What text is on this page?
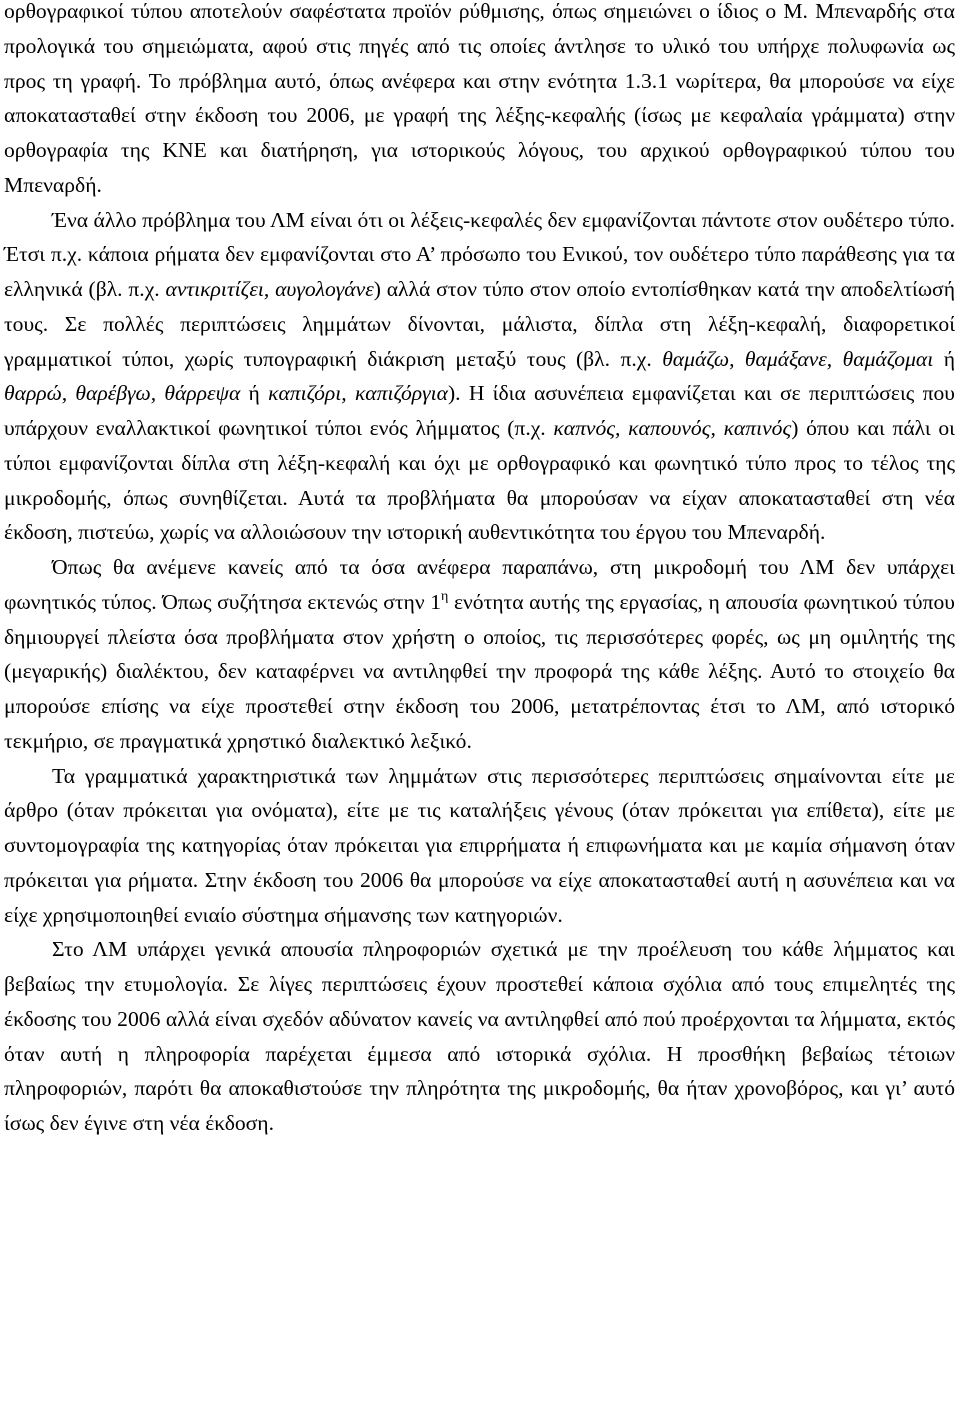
ορθογραφικοί τύπου αποτελούν σαφέστατα προϊόν ρύθμισης, όπως σημειώνει ο ίδιος ο Μ. Μπεναρδής στα προλογικά του σημειώματα, αφού στις πηγές από τις οποίες άντλησε το υλικό του υπήρχε πολυφωνία ως προς τη γραφή. Το πρόβλημα αυτό, όπως ανέφερα και στην ενότητα 1.3.1 νωρίτερα, θα μπορούσε να είχε αποκατασταθεί στην έκδοση του 2006, με γραφή της λέξης-κεφαλής (ίσως με κεφαλαία γράμματα) στην ορθογραφία της ΚΝΕ και διατήρηση, για ιστορικούς λόγους, του αρχικού ορθογραφικού τύπου του Μπεναρδή.

Ένα άλλο πρόβλημα του ΛΜ είναι ότι οι λέξεις-κεφαλές δεν εμφανίζονται πάντοτε στον ουδέτερο τύπο. Έτσι π.χ. κάποια ρήματα δεν εμφανίζονται στο Α’ πρόσωπο του Ενικού, τον ουδέτερο τύπο παράθεσης για τα ελληνικά (βλ. π.χ. αντικριτίζει, αυγολογάνε) αλλά στον τύπο στον οποίο εντοπίσθηκαν κατά την αποδελτίωσή τους. Σε πολλές περιπτώσεις λημμάτων δίνονται, μάλιστα, δίπλα στη λέξη-κεφαλή, διαφορετικοί γραμματικοί τύποι, χωρίς τυπογραφική διάκριση μεταξύ τους (βλ. π.χ. θαμάζω, θαμάξανε, θαμάζομαι ή θαρρώ, θαρέβγω, θάρρεψα ή καπιζόρι, καπιζόργια). Η ίδια ασυνέπεια εμφανίζεται και σε περιπτώσεις που υπάρχουν εναλλακτικοί φωνητικοί τύποι ενός λήμματος (π.χ. καπνός, καπουνός, καπινός) όπου και πάλι οι τύποι εμφανίζονται δίπλα στη λέξη-κεφαλή και όχι με ορθογραφικό και φωνητικό τύπο προς το τέλος της μικροδομής, όπως συνηθίζεται. Αυτά τα προβλήματα θα μπορούσαν να είχαν αποκατασταθεί στη νέα έκδοση, πιστεύω, χωρίς να αλλοιώσουν την ιστορική αυθεντικότητα του έργου του Μπεναρδή.

Όπως θα ανέμενε κανείς από τα όσα ανέφερα παραπάνω, στη μικροδομή του ΛΜ δεν υπάρχει φωνητικός τύπος. Όπως συζήτησα εκτενώς στην $1^\eta$ ενότητα αυτής της εργασίας, η απουσία φωνητικού τύπου δημιουργεί πλείστα όσα προβλήματα στον χρήστη ο οποίος, τις περισσότερες φορές, ως μη ομιλητής της (μεγαρικής) διαλέκτου, δεν καταφέρνει να αντιληφθεί την προφορά της κάθε λέξης. Αυτό το στοιχείο θα μπορούσε επίσης να είχε προστεθεί στην έκδοση του 2006, μετατρέποντας έτσι το ΛΜ, από ιστορικό τεκμήριο, σε πραγματικά χρηστικό διαλεκτικό λεξικό.

Τα γραμματικά χαρακτηριστικά των λημμάτων στις περισσότερες περιπτώσεις σημαίνονται είτε με άρθρο (όταν πρόκειται για ονόματα), είτε με τις καταλήξεις γένους (όταν πρόκειται για επίθετα), είτε με συντομογραφία της κατηγορίας όταν πρόκειται για επιρρήματα ή επιφωνήματα και με καμία σήμανση όταν πρόκειται για ρήματα. Στην έκδοση του 2006 θα μπορούσε να είχε αποκατασταθεί αυτή η ασυνέπεια και να είχε χρησιμοποιηθεί ενιαίο σύστημα σήμανσης των κατηγοριών.

Στο ΛΜ υπάρχει γενικά απουσία πληροφοριών σχετικά με την προέλευση του κάθε λήμματος και βεβαίως την ετυμολογία. Σε λίγες περιπτώσεις έχουν προστεθεί κάποια σχόλια από τους επιμελητές της έκδοσης του 2006 αλλά είναι σχεδόν αδύνατον κανείς να αντιληφθεί από πού προέρχονται τα λήμματα, εκτός όταν αυτή η πληροφορία παρέχεται έμμεσα από ιστορικά σχόλια. Η προσθήκη βεβαίως τέτοιων πληροφοριών, παρότι θα αποκαθιστούσε την πληρότητα της μικροδομής, θα ήταν χρονοβόρος, και γι’ αυτό ίσως δεν έγινε στη νέα έκδοση.
